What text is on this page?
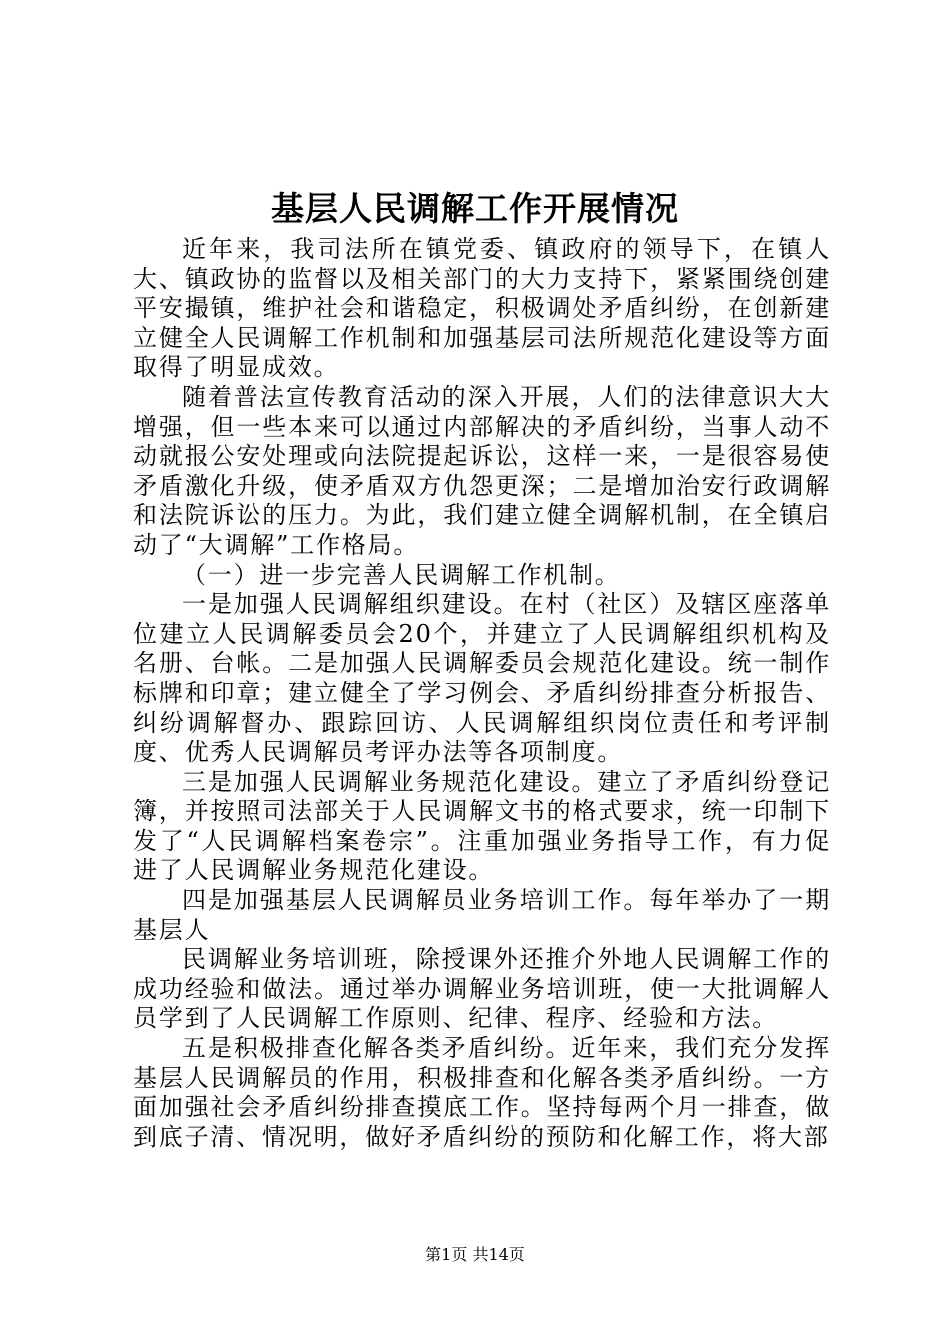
基层人民调解工作开展情况

近年来，我司法所在镇党委、镇政府的领导下，在镇人大、镇政协的监督以及相关部门的大力支持下，紧紧围绕创建平安撮镇，维护社会和谐稳定，积极调处矛盾纠纷，在创新建立健全人民调解工作机制和加强基层司法所规范化建设等方面取得了明显成效。

随着普法宣传教育活动的深入开展，人们的法律意识大大增强，但一些本来可以通过内部解决的矛盾纠纷，当事人动不动就报公安处理或向法院提起诉讼，这样一来，一是很容易使矛盾激化升级，使矛盾双方仇怨更深；二是增加治安行政调解和法院诉讼的压力。为此，我们建立健全调解机制，在全镇启动了“大调解”工作格局。

（一）进一步完善人民调解工作机制。

一是加强人民调解组织建设。在村（社区）及辖区座落单位建立人民调解委员会20个，并建立了人民调解组织机构及名册、台帐。二是加强人民调解委员会规范化建设。统一制作标牌和印章；建立健全了学习例会、矛盾纠纷排查分析报告、纠纷调解督办、跟踪回访、人民调解组织岗位责任和考评制度、优秀人民调解员考评办法等各项制度。

三是加强人民调解业务规范化建设。建立了矛盾纠纷登记簿，并按照司法部关于人民调解文书的格式要求，统一印制下发了“人民调解档案卷宗”。注重加强业务指导工作，有力促进了人民调解业务规范化建设。

四是加强基层人民调解员业务培训工作。每年举办了一期基层人

民调解业务培训班，除授课外还推介外地人民调解工作的成功经验和做法。通过举办调解业务培训班，使一大批调解人员学到了人民调解工作原则、纪律、程序、经验和方法。

五是积极排查化解各类矛盾纠纷。近年来，我们充分发挥基层人民调解员的作用，积极排查和化解各类矛盾纠纷。一方面加强社会矛盾纠纷排查摸底工作。坚持每两个月一排查，做到底子清、情况明，做好矛盾纠纷的预防和化解工作，将大部

第1页 共14页
